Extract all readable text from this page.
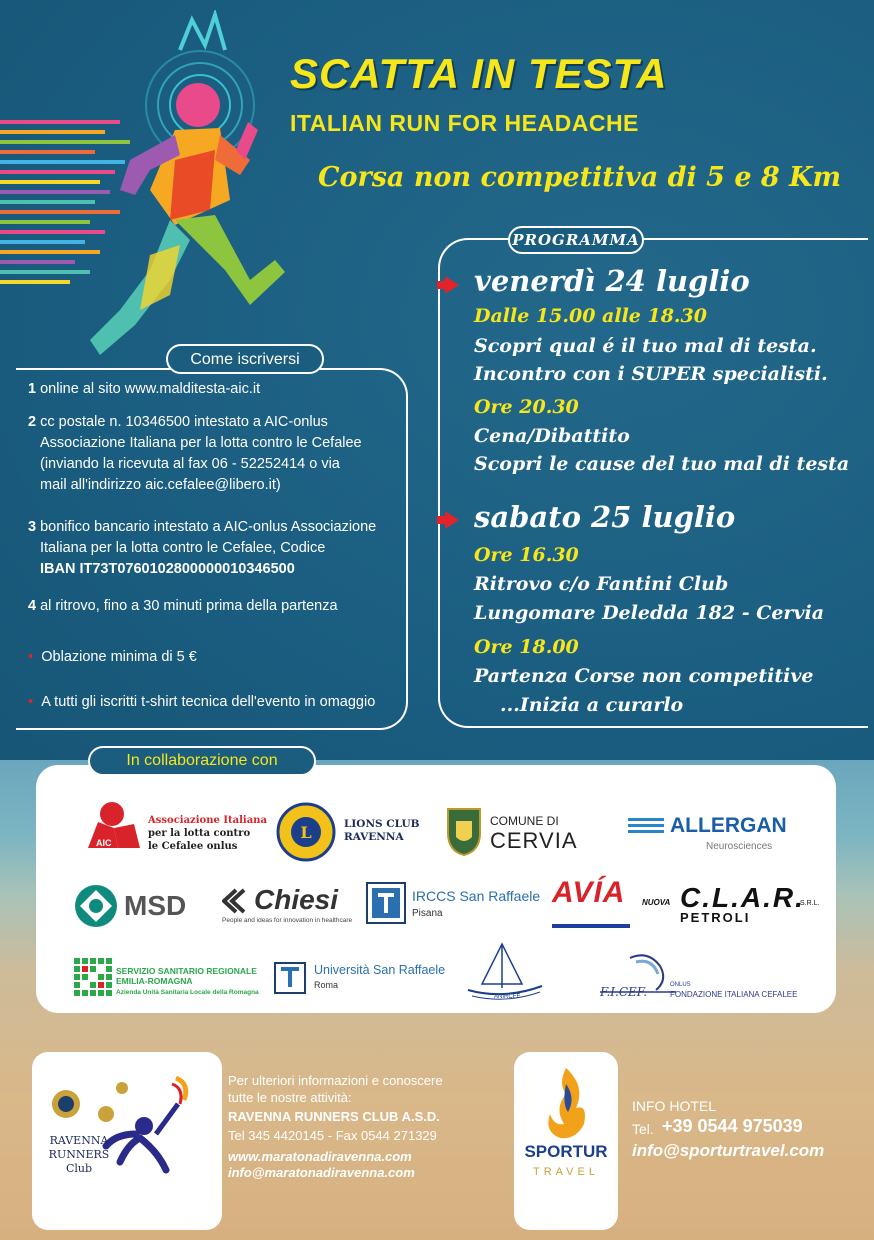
SCATTA IN TESTA
ITALIAN RUN FOR HEADACHE
Corsa non competitiva di 5 e 8 Km
Come iscriversi
1 online al sito www.malditesta-aic.it
2 cc postale n. 10346500 intestato a AIC-onlus
Associazione Italiana per la lotta contro le Cefalee
(inviando la ricevuta al fax 06 - 52252414 o via
mail all'indirizzo aic.cefalee@libero.it)
3 bonifico bancario intestato a AIC-onlus Associazione
Italiana per la lotta contro le Cefalee, Codice
IBAN IT73T0760102800000010346500
4 al ritrovo, fino a 30 minuti prima della partenza
• Oblazione minima di 5 €
• A tutti gli iscritti t-shirt tecnica dell'evento in omaggio
PROGRAMMA
venerdì 24 luglio
Dalle 15.00 alle 18.30
Scopri qual é il tuo mal di testa.
Incontro con i SUPER specialisti.
Ore 20.30
Cena/Dibattito
Scopri le cause del tuo mal di testa
sabato 25 luglio
Ore 16.30
Ritrovo c/o Fantini Club
Lungomare Deledda 182 - Cervia
Ore 18.00
Partenza Corse non competitive
...Inizia a curarlo
In collaborazione con
AIC
Associazione Italiana
per la lotta contro
le Cefalee onlus
L	LIONS CLUB
RAVENNA
COMUNE DI
CERVIA
ALLERGAN
Neurosciences
MSD Chiesi
People and ideas for innovation in healthcare
IRCCS San Raffaele
Pisana
AVÍA NUOVA C.L.A.R.
S.R.L.
PETROLI
SERVIZIO SANITARIO REGIONALE
EMILIA-ROMAGNA
Azienda Unità Sanitaria Locale della Romagna
Università San Raffaele
Roma
ANIRCEF	F.I.CEF.	ONLUS
FONDAZIONE ITALIANA CEFALEE
RAVENNA
RUNNERS
Club
Per ulteriori informazioni e conoscere
tutte le nostre attività:
RAVENNA RUNNERS CLUB A.S.D.
Tel 345 4420145 - Fax 0544 271329
www.maratonadiravenna.com
info@maratonadiravenna.com
SPORTUR
TRAVEL
INFO HOTEL
Tel. +39 0544 975039
info@sporturtravel.com
